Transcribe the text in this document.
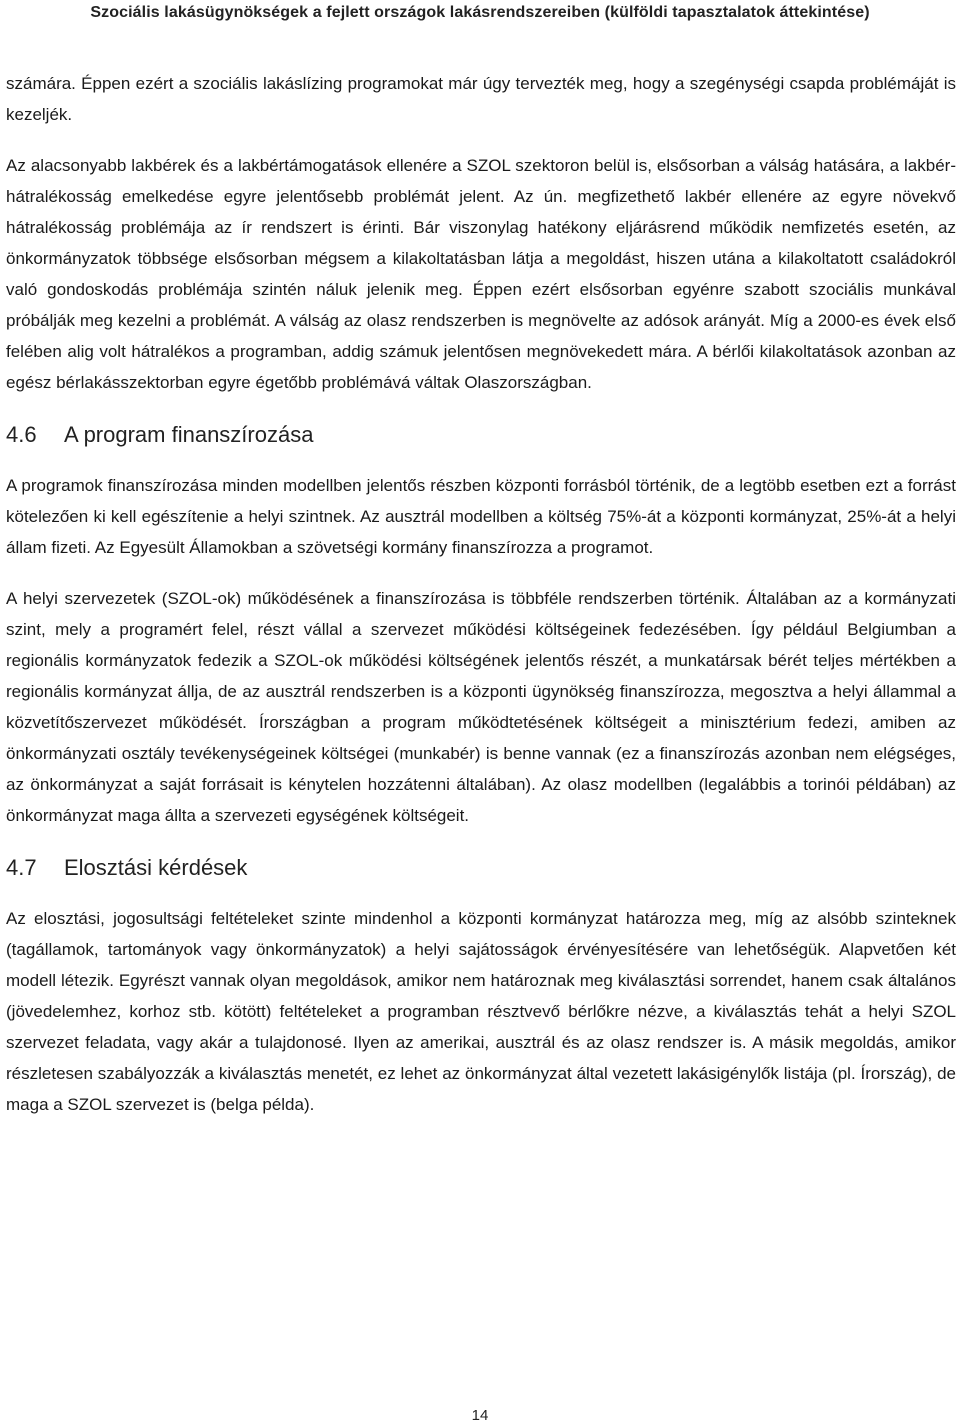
Szociális lakásügynökségek a fejlett országok lakásrendszereiben (külföldi tapasztalatok áttekintése)

számára. Éppen ezért a szociális lakáslízing programokat már úgy tervezték meg, hogy a szegénységi csapda problémáját is kezeljék.

Az alacsonyabb lakbérek és a lakbértámogatások ellenére a SZOL szektoron belül is, elsősorban a válság hatására, a lakbér-hátralékosság emelkedése egyre jelentősebb problémát jelent. Az ún. megfizethető lakbér ellenére az egyre növekvő hátralékosság problémája az ír rendszert is érinti. Bár viszonylag hatékony eljárásrend működik nemfizetés esetén, az önkormányzatok többsége elsősorban mégsem a kilakoltatásban látja a megoldást, hiszen utána a kilakoltatott családokról való gondoskodás problémája szintén náluk jelenik meg. Éppen ezért elsősorban egyénre szabott szociális munkával próbálják meg kezelni a problémát. A válság az olasz rendszerben is megnövelte az adósok arányát. Míg a 2000-es évek első felében alig volt hátralékos a programban, addig számuk jelentősen megnövekedett mára. A bérlői kilakoltatások azonban az egész bérlakásszektorban egyre égetőbb problémává váltak Olaszországban.

4.6 A program finanszírozása

A programok finanszírozása minden modellben jelentős részben központi forrásból történik, de a legtöbb esetben ezt a forrást kötelezően ki kell egészítenie a helyi szintnek. Az ausztrál modellben a költség 75%-át a központi kormányzat, 25%-át a helyi állam fizeti. Az Egyesült Államokban a szövetségi kormány finanszírozza a programot.

A helyi szervezetek (SZOL-ok) működésének a finanszírozása is többféle rendszerben történik. Általában az a kormányzati szint, mely a programért felel, részt vállal a szervezet működési költségeinek fedezésében. Így például Belgiumban a regionális kormányzatok fedezik a SZOL-ok működési költségének jelentős részét, a munkatársak bérét teljes mértékben a regionális kormányzat állja, de az ausztrál rendszerben is a központi ügynökség finanszírozza, megosztva a helyi állammal a közvetítőszervezet működését. Írországban a program működtetésének költségeit a minisztérium fedezi, amiben az önkormányzati osztály tevékenységeinek költségei (munkabér) is benne vannak (ez a finanszírozás azonban nem elégséges, az önkormányzat a saját forrásait is kénytelen hozzátenni általában). Az olasz modellben (legalábbis a torinói példában) az önkormányzat maga állta a szervezeti egységének költségeit.

4.7 Elosztási kérdések

Az elosztási, jogosultsági feltételeket szinte mindenhol a központi kormányzat határozza meg, míg az alsóbb szinteknek (tagállamok, tartományok vagy önkormányzatok) a helyi sajátosságok érvényesítésére van lehetőségük. Alapvetően két modell létezik. Egyrészt vannak olyan megoldások, amikor nem határoznak meg kiválasztási sorrendet, hanem csak általános (jövedelemhez, korhoz stb. kötött) feltételeket a programban résztvevő bérlőkre nézve, a kiválasztás tehát a helyi SZOL szervezet feladata, vagy akár a tulajdonosé. Ilyen az amerikai, ausztrál és az olasz rendszer is. A másik megoldás, amikor részletesen szabályozzák a kiválasztás menetét, ez lehet az önkormányzat által vezetett lakásigénylők listája (pl. Írország), de maga a SZOL szervezet is (belga példa).

14
